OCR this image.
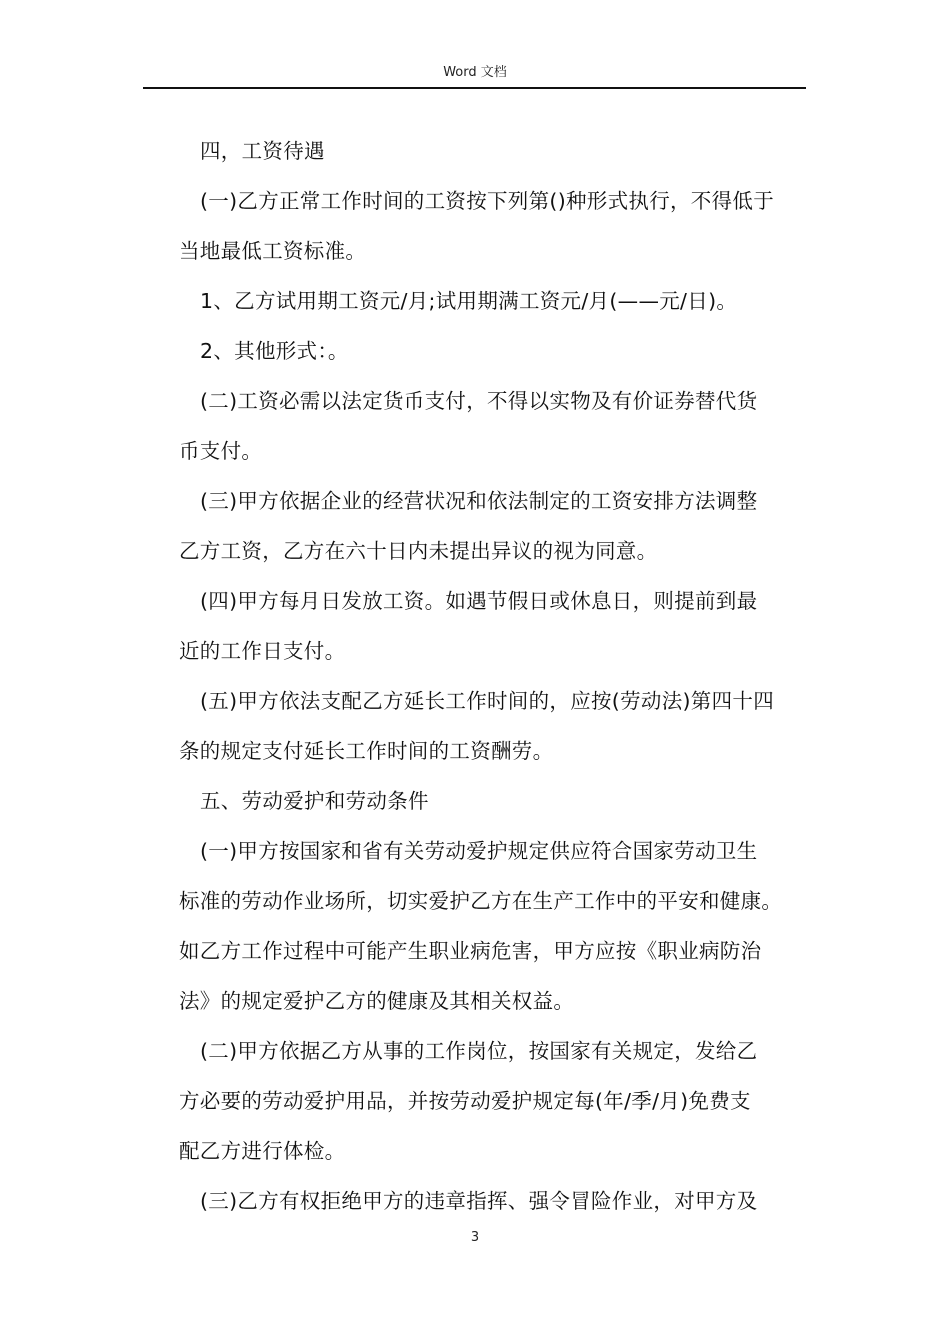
Word 文档
四，工资待遇
(一)乙方正常工作时间的工资按下列第()种形式执行，不得低于
当地最低工资标准。
1、乙方试用期工资元/月;试用期满工资元/月(——元/日)。
2、其他形式：。
(二)工资必需以法定货币支付，不得以实物及有价证券替代货
币支付。
(三)甲方依据企业的经营状况和依法制定的工资安排方法调整
乙方工资，乙方在六十日内未提出异议的视为同意。
(四)甲方每月日发放工资。如遇节假日或休息日，则提前到最
近的工作日支付。
(五)甲方依法支配乙方延长工作时间的，应按(劳动法)第四十四
条的规定支付延长工作时间的工资酬劳。
五、劳动爱护和劳动条件
(一)甲方按国家和省有关劳动爱护规定供应符合国家劳动卫生
标准的劳动作业场所，切实爱护乙方在生产工作中的平安和健康。
如乙方工作过程中可能产生职业病危害，甲方应按《职业病防治
法》的规定爱护乙方的健康及其相关权益。
(二)甲方依据乙方从事的工作岗位，按国家有关规定，发给乙
方必要的劳动爱护用品，并按劳动爱护规定每(年/季/月)免费支
配乙方进行体检。
(三)乙方有权拒绝甲方的违章指挥、强令冒险作业，对甲方及
3
